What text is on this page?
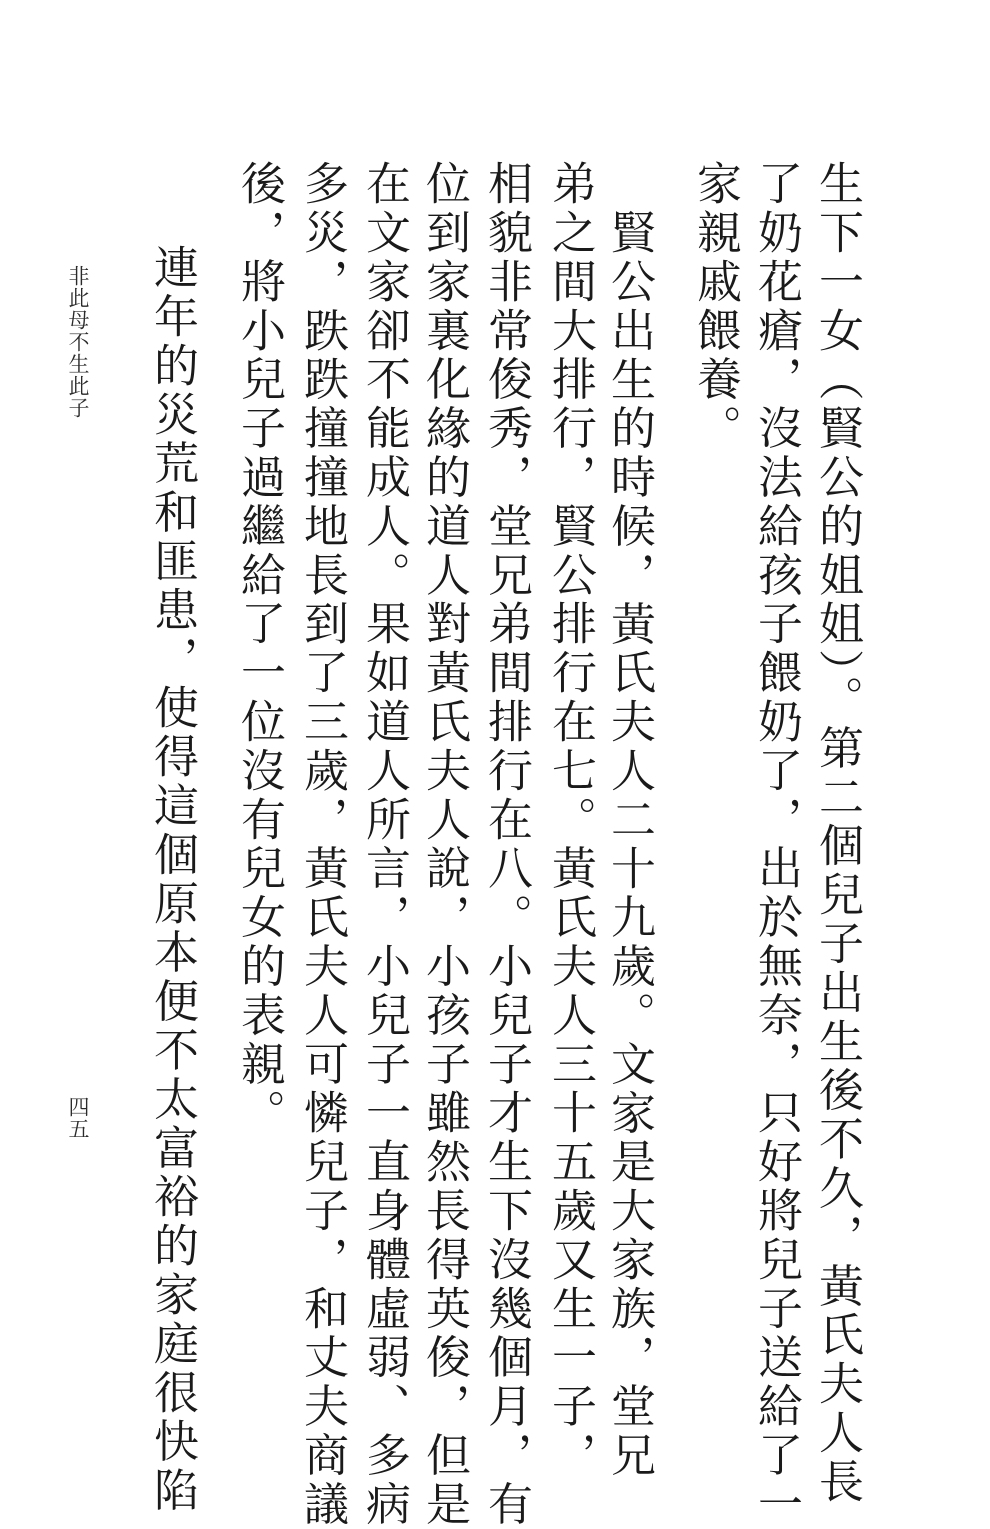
生下一女（賢公的姐姐）。第二個兒子出生後不久，黃氏夫人長

了奶花瘡，沒法給孩子餵奶了，出於無奈，只好將兒子送給了一

家親戚餵養。

賢公出生的時候，黃氏夫人二十九歲。文家是大家族，堂兄

弟之間大排行，賢公排行在七。黃氏夫人三十五歲又生一子，

相貌非常俊秀，堂兄弟間排行在八。小兒子才生下沒幾個月，有

位到家裏化緣的道人對黃氏夫人說，小孩子雖然長得英俊，但是

在文家卻不能成人。果如道人所言，小兒子一直身體虛弱、多病

多災，跌跌撞撞地長到了三歲，黃氏夫人可憐兒子，和丈夫商議

後，將小兒子過繼給了一位沒有兒女的表親。

連年的災荒和匪患，使得這個原本便不太富裕的家庭很快陷

非此母不生此子
四五
